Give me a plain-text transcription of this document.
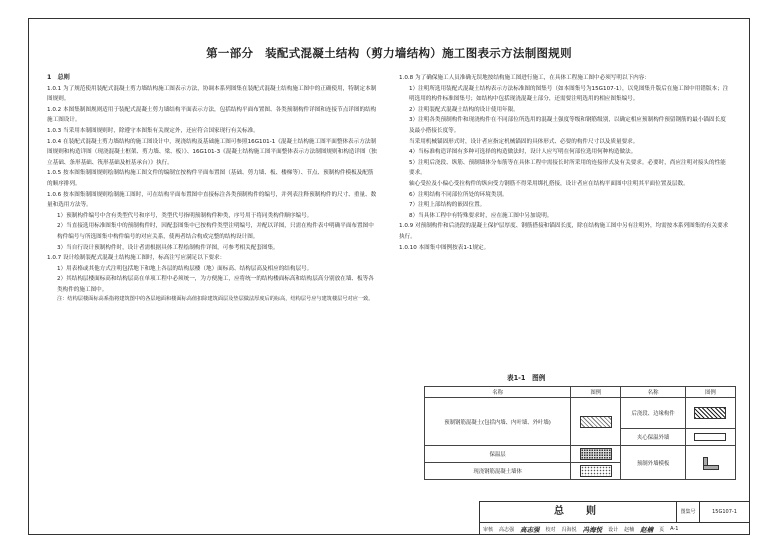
第一部分　装配式混凝土结构（剪力墙结构）施工图表示方法制图规则

1　总则

1.0.1 为了规范使用装配式混凝土剪力墙结构施工图表示方法，协调本系列图集在装配式混凝土结构施工图中的正确使用，特制定本制图规则。

1.0.2 本图集制图规则适用于装配式混凝土剪力墙结构平面表示方法，包括结构平面布置图、各类预制构件详图和连接节点详图的结构施工图设计。

1.0.3 当采用本制图规则时，除遵守本图集有关规定外，还应符合国家现行有关标准。

1.0.4 在装配式混凝土剪力墙结构的施工图设计中，现浇结构及基础施工图可参照16G101-1《混凝土结构施工图平面整体表示方法制图规则和构造详图（现浇混凝土框架、剪力墙、梁、板）》、16G101-3《混凝土结构施工图平面整体表示方法制图规则和构造详图（独立基础、条形基础、筏形基础及桩基承台）》执行。

1.0.5 按本图集制图规则绘制结构施工图文件的编制宜按构件平面布置图（基础、剪力墙、板、楼梯等）、节点、预制构件模板及配筋的顺序排列。

1.0.6 按本图集制图规则绘制施工图时，可在结构平面布置图中直接标注各类预制构件的编号，并列表注释预制构件的尺寸、重量、数量和选用方法等。

1）预制构件编号中含有类型代号和序号，类型代号指明预制构件种类，序号用于将同类构件顺序编号。

2）当直接选用标准图集中的预制构件时，因配套图集中已按构件类型注明编号，并配以详图，只需在构件表中明确平面布置图中构件编号与所选图集中构件编号的对应关系，使两者结合构成完整的结构设计图。

3）当自行设计预制构件时，设计者需根据具体工程绘制构件详图，可参考相关配套图集。

1.0.7 设计绘制装配式混凝土结构施工图时，标高注写应满足以下要求：

1）用表格或其他方式注明包括地下和地上各层的结构层楼（地）面标高、结构层高及相应的结构层号。

2）其结构层楼面标高和结构层高在单项工程中必须统一，为方便施工，应将统一的结构楼面标高和结构层高分别放在墙、板等各类构件的施工图中。

注：结构层楼面标高系指将建筑图中的各层地面和楼面标高值扣除建筑面层及垫层做法厚度后的标高，结构层号应与建筑楼层号对应一致。

1.0.8 为了确保施工人员准确无误地按结构施工图进行施工，在具体工程施工图中必须写明以下内容：

1）注明所选用装配式混凝土结构表示方法标准图的图集号（如本图集号为15G107-1），以免图集升版后在施工图中用错版本；注明选用的构件标准图集号；如结构中包括现浇混凝土部分，还需要注明选用的相应图集编号。

2）注明装配式混凝土结构的设计使用年限。

3）注明各类预制构件和现浇构件在不同部位所选用的混凝土强度等级和钢筋级别，以确定相应预制构件预留钢筋的最小锚固长度及最小搭接长度等。

当采用机械锚固形式时，设计者应指定机械锚固的具体形式、必要的构件尺寸以及质量要求。

4）当标准构造详图有多种可选择的构造做法时，设计人应写明在何部位选用何种构造做法。

5）注明后浇段、纵筋、预制墙体分布筋等在具体工程中需接长时所采用的连接形式及有关要求。必要时，尚应注明对接头的性能要求。

轴心受拉及小偏心受拉构件的纵向受力钢筋不得采用绑扎搭接，设计者应在结构平面图中注明其平面位置及层数。

6）注明结构不同部位所处的环境类别。

7）注明上部结构的嵌固位置。

8）当具体工程中有特殊要求时，应在施工图中另加说明。

1.0.9 对预制构件和后浇段的混凝土保护层厚度、钢筋搭接和锚固长度，除在结构施工图中另有注明外，均需按本系列图集的有关要求执行。

1.0.10 本图集中图例按表1-1规定。

表1-1　图例
名称	图例	名称	图例
预制钢筋混凝土(包括内墙、内叶墙、外叶墙)		后浇段、边缘构件	
		夹心保温外墙	
保温层		预制外墙模板	

现浇钢筋混凝土墙体			
总　则	图集号	15G107-1
审核	高志强 高志强	校对	冯海悦 冯海悦	设计	赵楠 赵楠	页	A-1
